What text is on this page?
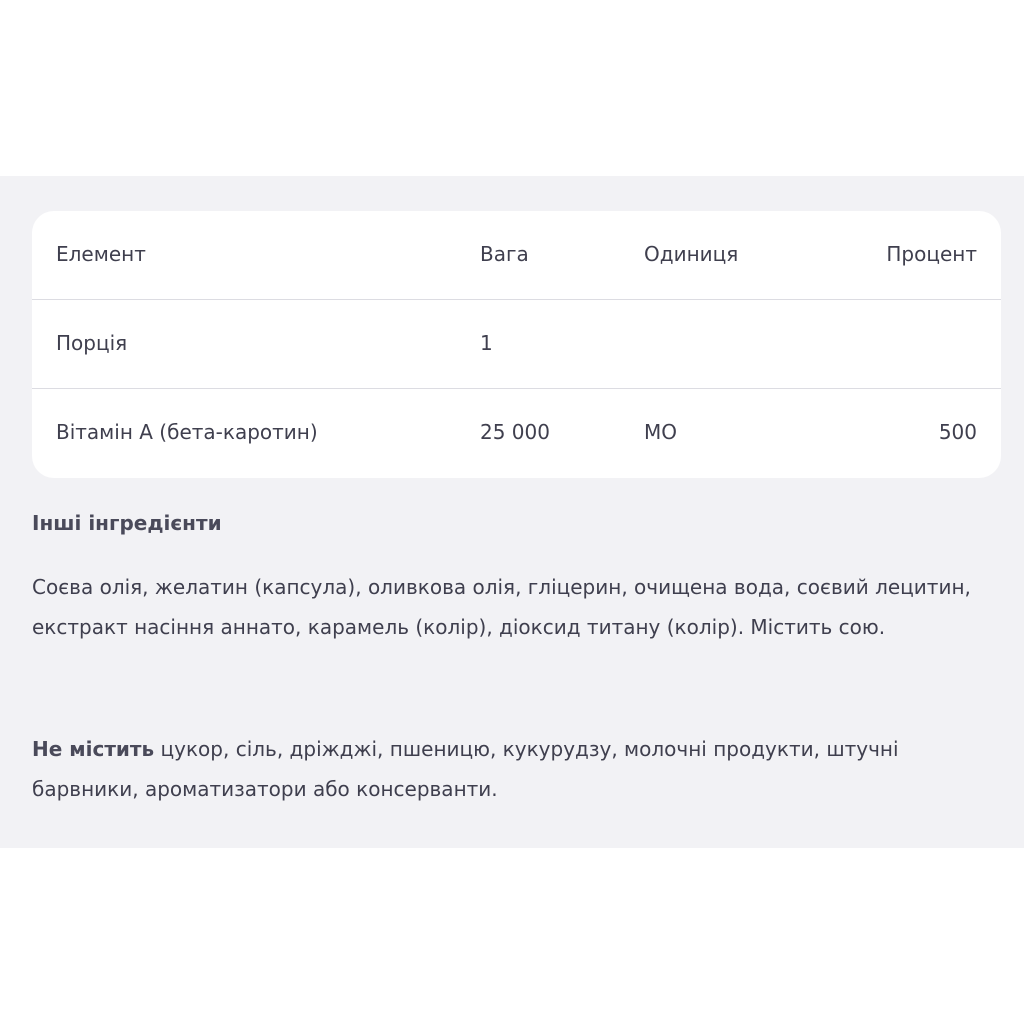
Елемент	Вага	Одиниця	Процент
Порція	1
Вітамін A (бета-каротин)	25 000	МО	500
Інші інгредієнти
Соєва олія, желатин (капсула), оливкова олія, гліцерин, очищена вода, соєвий лецитин, екстракт насіння аннато, карамель (колір), діоксид титану (колір). Містить сою.
Не містить цукор, сіль, дріжджі, пшеницю, кукурудзу, молочні продукти, штучні барвники, ароматизатори або консерванти.
